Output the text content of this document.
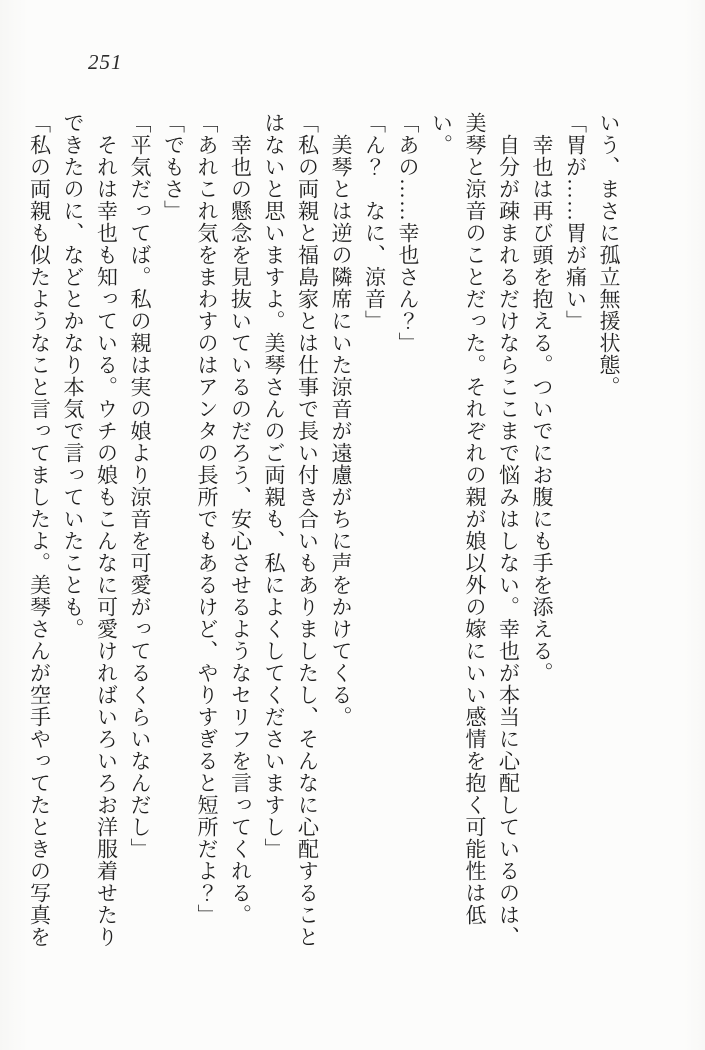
251

いう、まさに孤立無援状態。

「胃が……胃が痛い」

幸也は再び頭を抱える。ついでにお腹にも手を添える。

自分が疎まれるだけならここまで悩みはしない。幸也が本当に心配しているのは、美琴と涼音のことだった。それぞれの親が娘以外の嫁にいい感情を抱く可能性は低い。

「あの……幸也さん？」

「ん？　なに、涼音」

美琴とは逆の隣席にいた涼音が遠慮がちに声をかけてくる。

「私の両親と福島家とは仕事で長い付き合いもありましたし、そんなに心配することはないと思いますよ。美琴さんのご両親も、私によくしてくださいますし」

幸也の懸念を見抜いているのだろう、安心させるようなセリフを言ってくれる。

「あれこれ気をまわすのはアンタの長所でもあるけど、やりすぎると短所だよ？」

「でもさ」

「平気だってば。私の親は実の娘より涼音を可愛がってるくらいなんだし」

それは幸也も知っている。ウチの娘もこんなに可愛ければいろいろお洋服着せたりできたのに、などとかなり本気で言っていたことも。

「私の両親も似たようなこと言ってましたよ。美琴さんが空手やってたときの写真を
